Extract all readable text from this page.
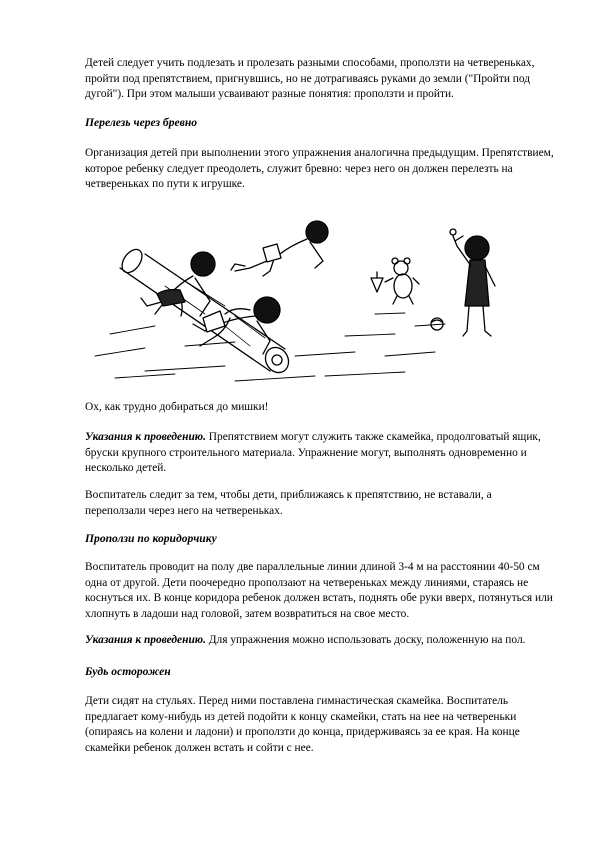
Детей следует учить подлезать и пролезать разными способами, проползти на четвереньках, пройти под препятствием, пригнувшись, но не дотрагиваясь руками до земли ("Пройти под дугой"). При этом малыши усваивают разные понятия: проползти и пройти.

Перелезь через бревно

Организация детей при выполнении этого упражнения аналогична предыдущим. Препятствием, которое ребенку следует преодолеть, служит бревно: через него он должен перелезть на четвереньках по пути к игрушке.

Ох, как трудно добираться до мишки!

Указания к проведению. Препятствием могут служить также скамейка, продолговатый ящик, бруски крупного строительного материала. Упражнение могут, выполнять одновременно и несколько детей.

Воспитатель следит за тем, чтобы дети, приближаясь к препятствию, не вставали, а переползали через него на четвереньках.

Проползи по коридорчику

Воспитатель проводит на полу две параллельные линии длиной 3-4 м на расстоянии 40-50 см одна от другой. Дети поочередно проползают на четвереньках между линиями, стараясь не коснуться их. В конце коридора ребенок должен встать, поднять обе руки вверх, потянуться или хлопнуть в ладоши над головой, затем возвратиться на свое место.

Указания к проведению. Для упражнения можно использовать доску, положенную на пол.

Будь осторожен

Дети сидят на стульях. Перед ними поставлена гимнастическая скамейка. Воспитатель предлагает кому-нибудь из детей подойти к концу скамейки, стать на нее на четвереньки (опираясь на колени и ладони) и проползти до конца, придерживаясь за ее края. На конце скамейки ребенок должен встать и сойти с нее.
